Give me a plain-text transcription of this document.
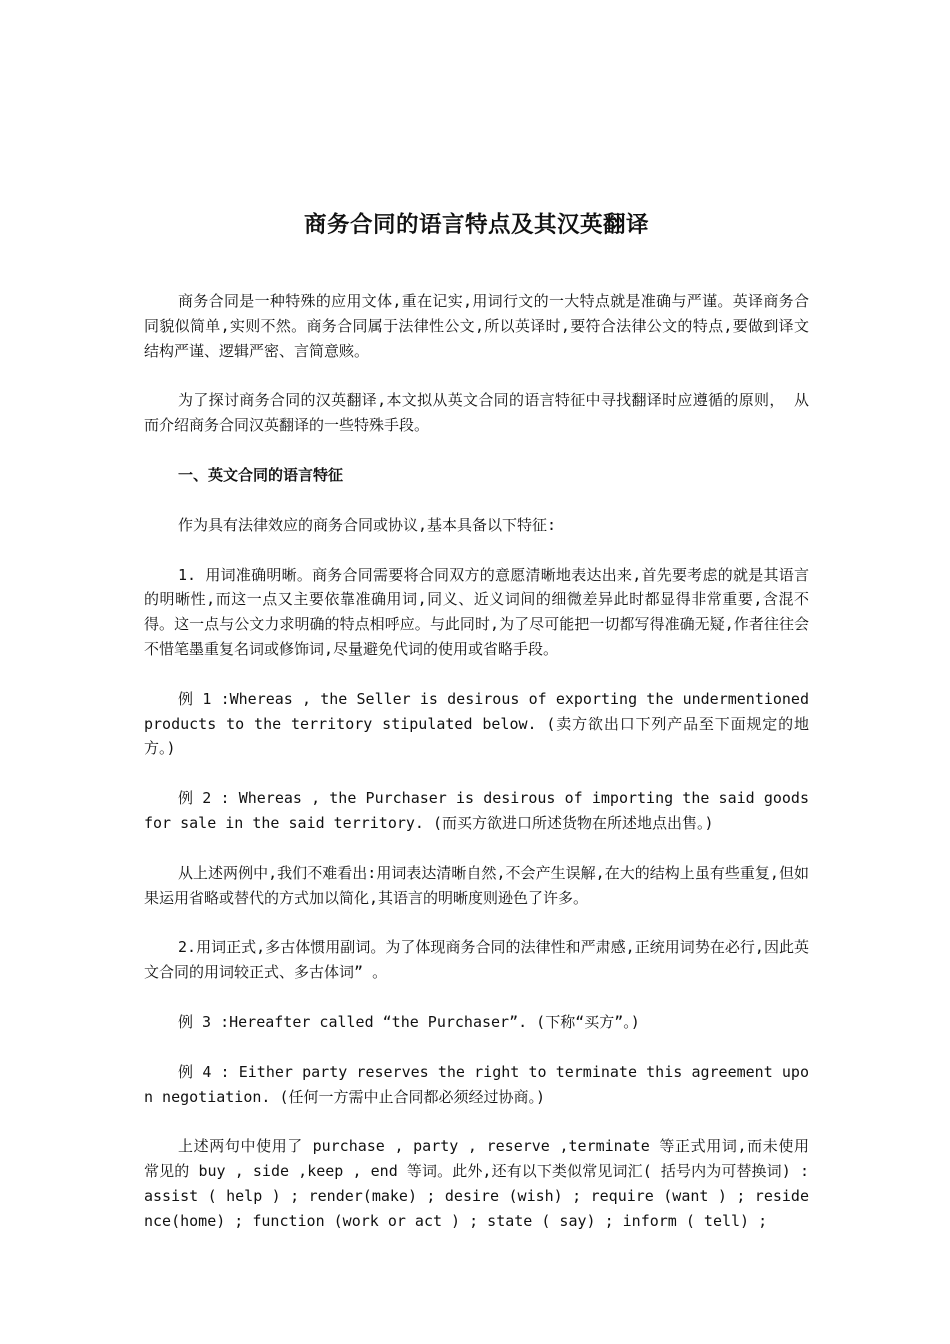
商务合同的语言特点及其汉英翻译

商务合同是一种特殊的应用文体,重在记实,用词行文的一大特点就是准确与严谨。英译商务合同貌似简单,实则不然。商务合同属于法律性公文,所以英译时,要符合法律公文的特点,要做到译文结构严谨、逻辑严密、言简意赅。

为了探讨商务合同的汉英翻译,本文拟从英文合同的语言特征中寻找翻译时应遵循的原则， 从而介绍商务合同汉英翻译的一些特殊手段。

一、英文合同的语言特征

作为具有法律效应的商务合同或协议,基本具备以下特征:

1. 用词准确明晰。商务合同需要将合同双方的意愿清晰地表达出来,首先要考虑的就是其语言的明晰性,而这一点又主要依靠准确用词,同义、近义词间的细微差异此时都显得非常重要,含混不得。这一点与公文力求明确的特点相呼应。与此同时,为了尽可能把一切都写得准确无疑,作者往往会不惜笔墨重复名词或修饰词,尽量避免代词的使用或省略手段。

例 1 :Whereas , the Seller is desirous of exporting the undermentioned products to the territory stipulated below. (卖方欲出口下列产品至下面规定的地方。)

例 2 : Whereas , the Purchaser is desirous of importing the said goods for sale in the said territory. (而买方欲进口所述货物在所述地点出售。)

从上述两例中,我们不难看出:用词表达清晰自然,不会产生误解,在大的结构上虽有些重复,但如果运用省略或替代的方式加以简化,其语言的明晰度则逊色了许多。

2.用词正式,多古体惯用副词。为了体现商务合同的法律性和严肃感,正统用词势在必行,因此英文合同的用词较正式、多古体词” 。

例 3 :Hereafter called “the Purchaser”. (下称“买方”。)

例 4 : Either party reserves the right to terminate this agreement upon negotiation. (任何一方需中止合同都必须经过协商。)

上述两句中使用了 purchase , party , reserve ,terminate 等正式用词,而未使用常见的 buy , side ,keep , end 等词。此外,还有以下类似常见词汇( 括号内为可替换词) : assist ( help ) ; render(make) ; desire (wish) ; require (want ) ; residence(home) ; function (work or act ) ; state ( say) ; inform ( tell) ;
